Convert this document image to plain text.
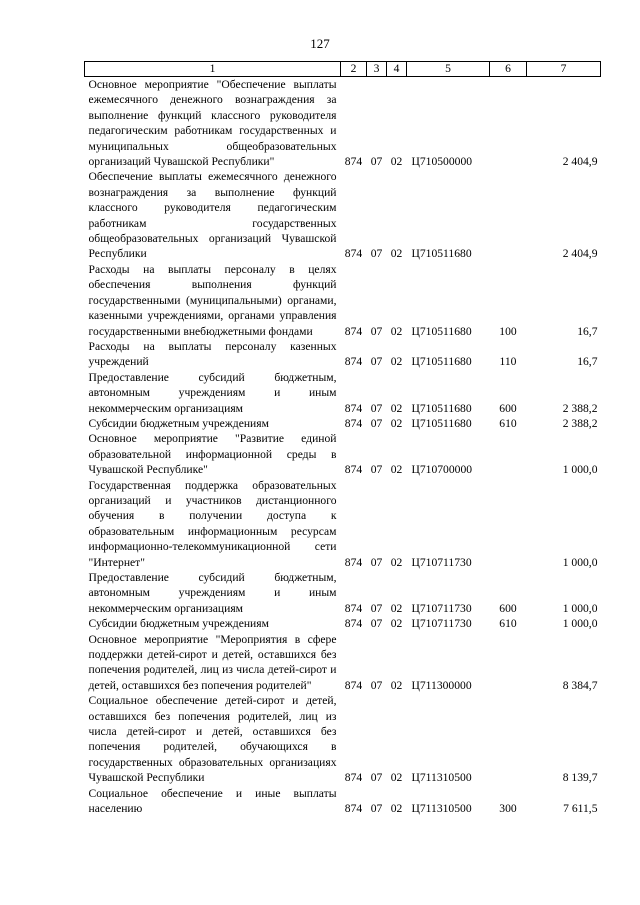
127
1	2	3	4	5	6	7
Основное мероприятие "Обеспечение выплаты ежемесячного денежного вознаграждения за выполнение функций классного руководителя педагогическим работникам государственных и муниципальных общеобразовательных организаций Чувашской Республики"	874	07	02	Ц710500000		2 404,9
Обеспечение выплаты ежемесячного денежного вознаграждения за выполнение функций классного руководителя педагогическим работникам государственных общеобразовательных организаций Чувашской Республики	874	07	02	Ц710511680		2 404,9
Расходы на выплаты персоналу в целях обеспечения выполнения функций государственными (муниципальными) органами, казенными учреждениями, органами управления государственными внебюджетными фондами	874	07	02	Ц710511680	100	16,7
Расходы на выплаты персоналу казенных учреждений	874	07	02	Ц710511680	110	16,7
Предоставление субсидий бюджетным, автономным учреждениям и иным некоммерческим организациям	874	07	02	Ц710511680	600	2 388,2
Субсидии бюджетным учреждениям	874	07	02	Ц710511680	610	2 388,2
Основное мероприятие "Развитие единой образовательной информационной среды в Чувашской Республике"	874	07	02	Ц710700000		1 000,0
Государственная поддержка образовательных организаций и участников дистанционного обучения в получении доступа к образовательным информационным ресурсам информационно-телекоммуникационной сети "Интернет"	874	07	02	Ц710711730		1 000,0
Предоставление субсидий бюджетным, автономным учреждениям и иным некоммерческим организациям	874	07	02	Ц710711730	600	1 000,0
Субсидии бюджетным учреждениям	874	07	02	Ц710711730	610	1 000,0
Основное мероприятие "Мероприятия в сфере поддержки детей-сирот и детей, оставшихся без попечения родителей, лиц из числа детей-сирот и детей, оставшихся без попечения родителей"	874	07	02	Ц711300000		8 384,7
Социальное обеспечение детей-сирот и детей, оставшихся без попечения родителей, лиц из числа детей-сирот и детей, оставшихся без попечения родителей, обучающихся в государственных образовательных организациях Чувашской Республики	874	07	02	Ц711310500		8 139,7
Социальное обеспечение и иные выплаты населению	874	07	02	Ц711310500	300	7 611,5
